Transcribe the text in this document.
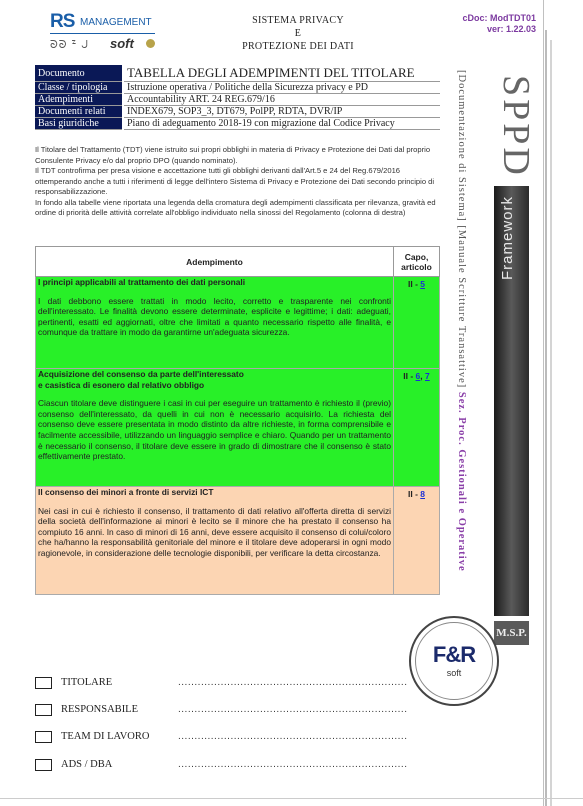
RS MANAGEMENT
ᘐᘐ ᙆ ᒍ soft
SISTEMA PRIVACY
E
PROTEZIONE DEI DATI
cDoc: ModTDT01
ver: 1.22.03
Documento	TABELLA DEGLI ADEMPIMENTI DEL TITOLARE
Classe / tipologia	Istruzione operativa / Politiche della Sicurezza privacy e PD
Adempimenti	Accountability ART. 24 REG.679/16
Documenti relati	INDEX679, SOP3_3, DT679, PolPP, RDTA, DVR/IP
Basi giuridiche	Piano di adeguamento 2018-19 con migrazione dal Codice Privacy

Il Titolare del Trattamento (TDT) viene istruito sui propri obblighi in materia di Privacy e Protezione dei Dati dal proprio Consulente Privacy e/o dal proprio DPO (quando nominato).

Il TDT controfirma per presa visione e accettazione tutti gli obblighi derivanti dall'Art.5 e 24 del Reg.679/2016 ottemperando anche a tutti i riferimenti di legge dell'intero Sistema di Privacy e Protezione dei Dati secondo principio di responsabilizzazione.

In fondo alla tabelle viene riportata una legenda della cromatura degli adempimenti classificata per rilevanza, gravità ed ordine di priorità delle attività correlate all'obbligo individuato nella sinossi del Regolamento (colonna di destra)

Adempimento	Capo,
articolo

I principi applicabili al trattamento dei dati personali
I dati debbono essere trattati in modo lecito, corretto e trasparente nei confronti dell'interessato. Le finalità devono essere determinate, esplicite e legittime; i dati: adeguati, pertinenti, esatti ed aggiornati, oltre che limitati a quanto necessario rispetto alle finalità, e comunque da trattare in modo da garantirne un'adeguata sicurezza.	II - 5

Acquisizione del consenso da parte dell'interessato
e casistica di esonero dal relativo obbligo
Ciascun titolare deve distinguere i casi in cui per eseguire un trattamento è richiesto il (previo) consenso dell'interessato, da quelli in cui non è necessario acquisirlo. La richiesta del consenso deve essere presentata in modo distinto da altre richieste, in forma comprensibile e facilmente accessibile, utilizzando un linguaggio semplice e chiaro. Quando per un trattamento è necessario il consenso, il titolare deve essere in grado di dimostrare che il consenso è stato effettivamente prestato.	II - 6, 7

Il consenso dei minori a fronte di servizi ICT
Nei casi in cui è richiesto il consenso, il trattamento di dati relativo all'offerta diretta di servizi della società dell'informazione ai minori è lecito se il minore che ha prestato il consenso ha compiuto 16 anni. In caso di minori di 16 anni, deve essere acquisito il consenso di colui/coloro che ha/hanno la responsabilità genitoriale del minore e il titolare deve adoperarsi in ogni modo ragionevole, in considerazione delle tecnologie disponibili, per verificare la detta circostanza.	II - 8
[Documentazione di Sistema] [Manuale Scritture Transattive] Sez. Proc. Gestionali e Operative
SPPD
Framework
M.S.P.
F&R
soft
TITOLARE	......................................................................
RESPONSABILE	......................................................................
TEAM DI LAVORO	......................................................................
ADS / DBA	......................................................................
